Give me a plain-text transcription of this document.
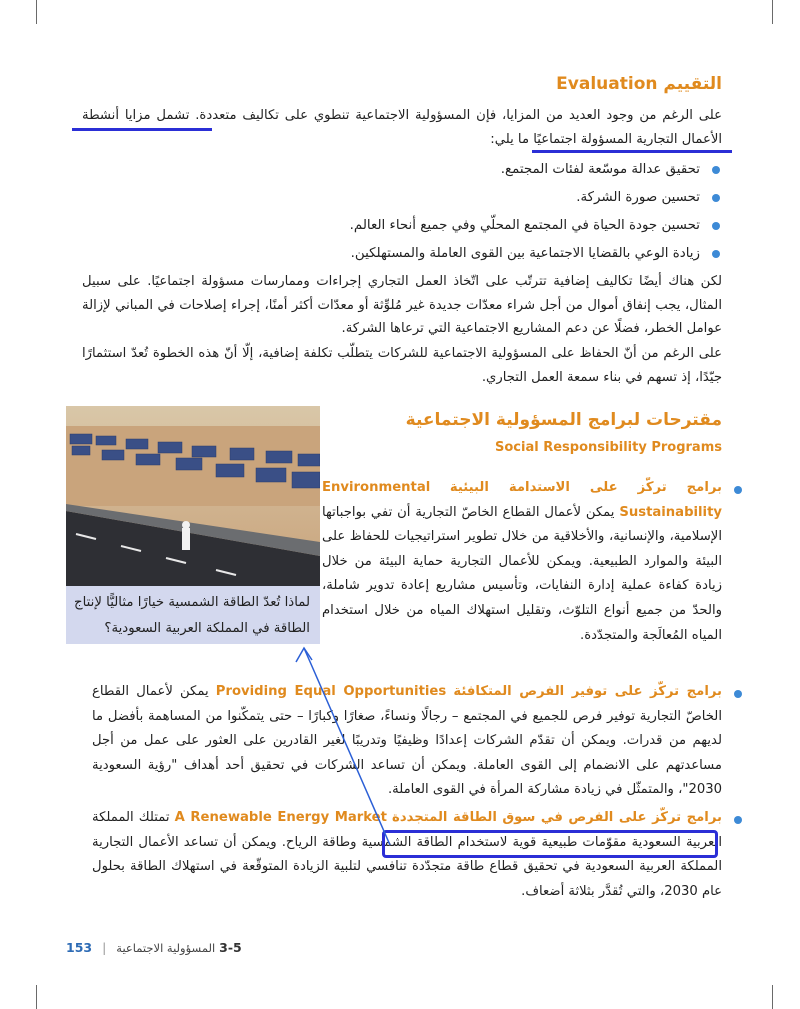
التقييم Evaluation
على الرغم من وجود العديد من المزايا، فإن المسؤولية الاجتماعية تنطوي على تكاليف متعددة. تشمل مزايا أنشطة الأعمال التجارية المسؤولة اجتماعيًا ما يلي:
تحقيق عدالة موسّعة لفئات المجتمع.
تحسين صورة الشركة.
تحسين جودة الحياة في المجتمع المحلّي وفي جميع أنحاء العالم.
زيادة الوعي بالقضايا الاجتماعية بين القوى العاملة والمستهلكين.
لكن هناك أيضًا تكاليف إضافية تترتّب على اتّخاذ العمل التجاري إجراءات وممارسات مسؤولة اجتماعيًا. على سبيل المثال، يجب إنفاق أموال من أجل شراء معدّات جديدة غير مُلوِّثة أو معدّات أكثر أمنًا، إجراء إصلاحات في المباني لإزالة عوامل الخطر، فضلًا عن دعم المشاريع الاجتماعية التي ترعاها الشركة.
على الرغم من أنّ الحفاظ على المسؤولية الاجتماعية للشركات يتطلّب تكلفة إضافية، إلّا أنّ هذه الخطوة تُعدّ استثمارًا جيّدًا، إذ تسهم في بناء سمعة العمل التجاري.
مقترحات لبرامج المسؤولية الاجتماعية
Social Responsibility Programs
لماذا تُعدّ الطاقة الشمسية خيارًا مثاليًّا لإنتاج الطاقة في المملكة العربية السعودية؟
برامج تركّز على الاستدامة البيئية Environmental Sustainability يمكن لأعمال القطاع الخاصّ التجارية أن تفي بواجباتها الإسلامية، والإنسانية، والأخلاقية من خلال تطوير استراتيجيات للحفاظ على البيئة والموارد الطبيعية. ويمكن للأعمال التجارية حماية البيئة من خلال زيادة كفاءة عملية إدارة النفايات، وتأسيس مشاريع إعادة تدوير شاملة، والحدّ من جميع أنواع التلوّث، وتقليل استهلاك المياه من خلال استخدام المياه المُعالَجة والمتجدّدة.
برامج تركّز على توفير الفرص المتكافئة Providing Equal Opportunities يمكن لأعمال القطاع الخاصّ التجارية توفير فرص للجميع في المجتمع – رجالًا ونساءً، صغارًا وكبارًا – حتى يتمكّنوا من المساهمة بأفضل ما لديهم من قدرات. ويمكن أن تقدّم الشركات إعدادًا وظيفيًا وتدريبًا لغير القادرين على العثور على عمل من أجل مساعدتهم على الانضمام إلى القوى العاملة. ويمكن أن تساعد الشركات في تحقيق أحد أهداف "رؤية السعودية 2030"، والمتمثّل في زيادة مشاركة المرأة في القوى العاملة.
برامج تركّز على الفرص في سوق الطاقة المتجددة A Renewable Energy Market تمتلك المملكة العربية السعودية مقوّمات طبيعية قوية لاستخدام الطاقة الشمسية وطاقة الرياح. ويمكن أن تساعد الأعمال التجارية المملكة العربية السعودية في تحقيق قطاع طاقة متجدّدة تنافسي لتلبية الزيادة المتوقّعة في استهلاك الطاقة بحلول عام 2030، والتي تُقدَّر بثلاثة أضعاف.
153 | المسؤولية الاجتماعية 3-5
